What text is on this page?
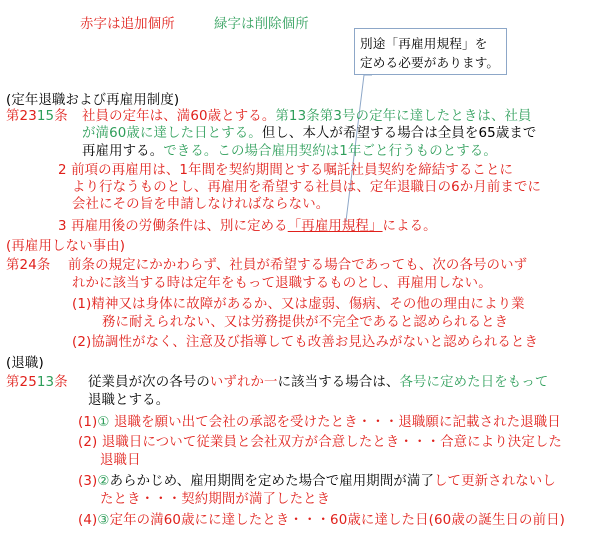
赤字は追加個所	緑字は削除個所
別途「再雇用規程」を
定める必要があります。
(定年退職および再雇用制度)
第2315条 社員の定年は、満60歳とする。第13条第3号の定年に達したときは、社員
が満60歳に達した日とする。但し、本人が希望する場合は全員を65歳まで
再雇用する。できる。この場合雇用契約は1年ごと行うものとする。
2 前項の再雇用は、1年間を契約期間とする嘱託社員契約を締結することに
より行なうものとし、再雇用を希望する社員は、定年退職日の6か月前までに
会社にその旨を申請しなければならない。
3 再雇用後の労働条件は、別に定める「再雇用規程」による。
(再雇用しない事由)
第24条 前条の規定にかかわらず、社員が希望する場合であっても、次の各号のいず
れかに該当する時は定年をもって退職するものとし、再雇用しない。
(1)精神又は身体に故障があるか、又は虚弱、傷病、その他の理由により業
務に耐えられない、又は労務提供が不完全であると認められるとき
(2)協調性がなく、注意及び指導しても改善お見込みがないと認められるとき
(退職)
第2513条 従業員が次の各号のいずれか一に該当する場合は、各号に定めた日をもって
退職とする。
(1)① 退職を願い出て会社の承認を受けたとき・・・退職願に記載された退職日
(2) 退職日について従業員と会社双方が合意したとき・・・合意により決定した
退職日
(3)②あらかじめ、雇用期間を定めた場合で雇用期間が満了して更新されないし
たとき・・・契約期間が満了したとき
(4)③定年の満60歳にに達したとき・・・60歳に達した日(60歳の誕生日の前日)
